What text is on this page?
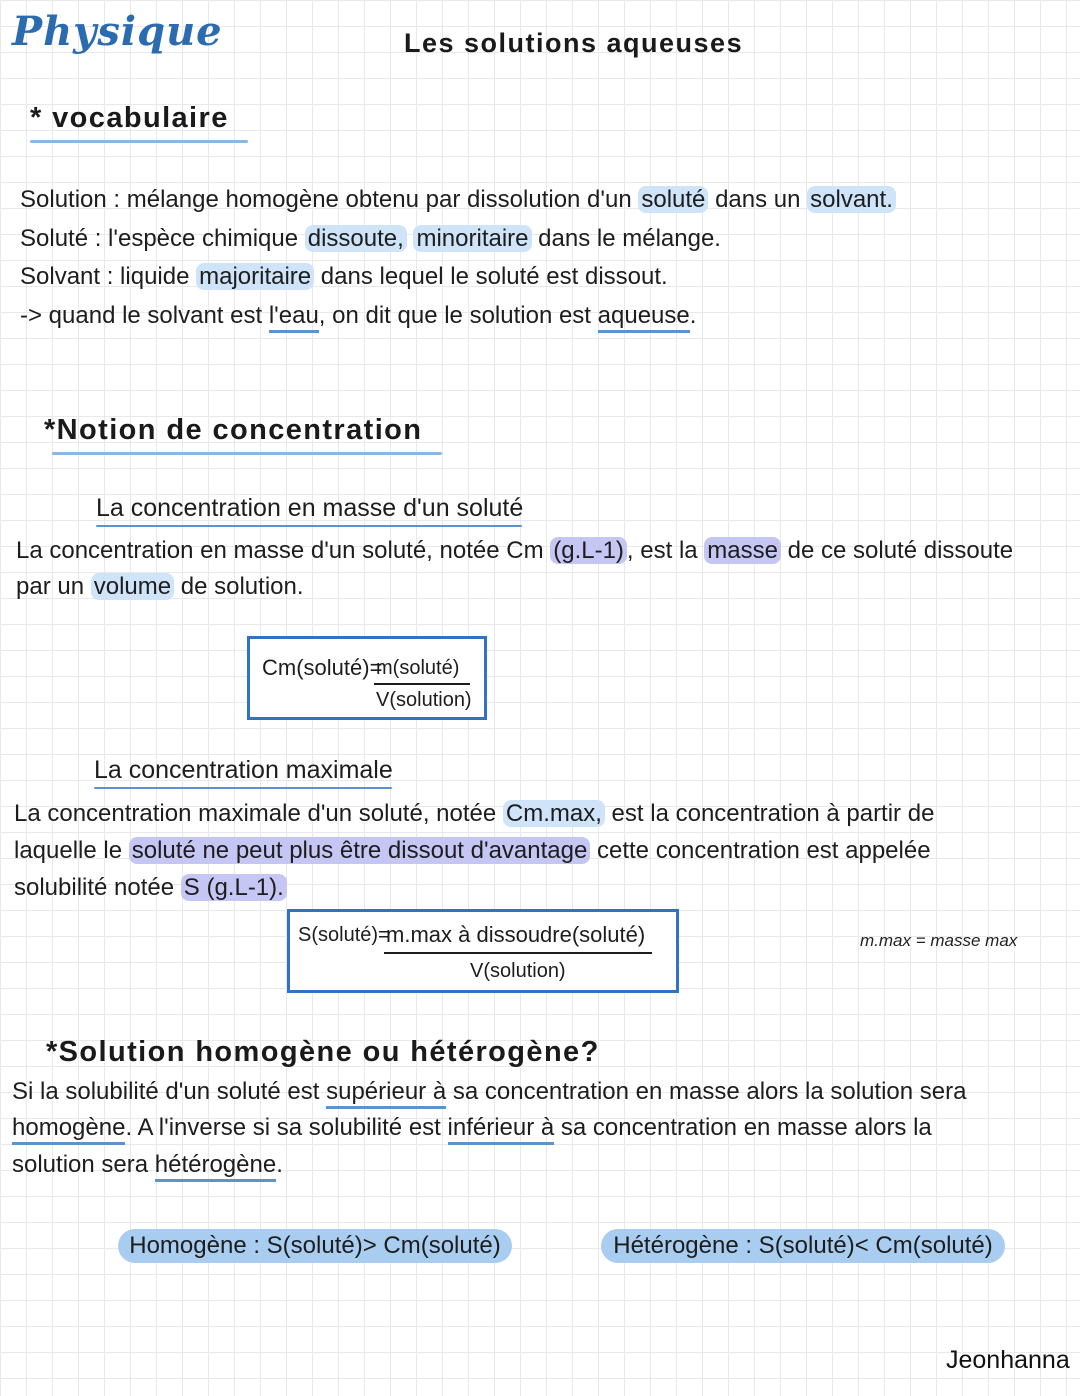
Physique	Les solutions aqueuses
* vocabulaire
Solution : mélange homogène obtenu par dissolution d'un soluté dans un solvant.
Soluté : l'espèce chimique dissoute, minoritaire dans le mélange.
Solvant : liquide majoritaire dans lequel le soluté est dissout.
-> quand le solvant est l'eau, on dit que le solution est aqueuse.
*Notion de concentration
La concentration en masse d'un soluté
La concentration en masse d'un soluté, notée Cm (g.L-1) , est la masse de ce soluté dissoute
par un volume de solution.
Cm(soluté)=
m(soluté)
V(solution)
La concentration maximale
La concentration maximale d'un soluté, notée Cm.max, est la concentration à partir de
laquelle le soluté ne peut plus être dissout d'avantage cette concentration est appelée
solubilité notée S (g.L-1).
S(soluté)=
m.max à dissoudre(soluté)
V(solution)
m.max = masse max
*Solution homogène ou hétérogène?
Si la solubilité d'un soluté est supérieur à sa concentration en masse alors la solution sera
homogène. A l'inverse si sa solubilité est inférieur à sa concentration en masse alors la
solution sera hétérogène.
Homogène : S(soluté)> Cm(soluté)	Hétérogène : S(soluté)< Cm(soluté)
Jeonhanna
